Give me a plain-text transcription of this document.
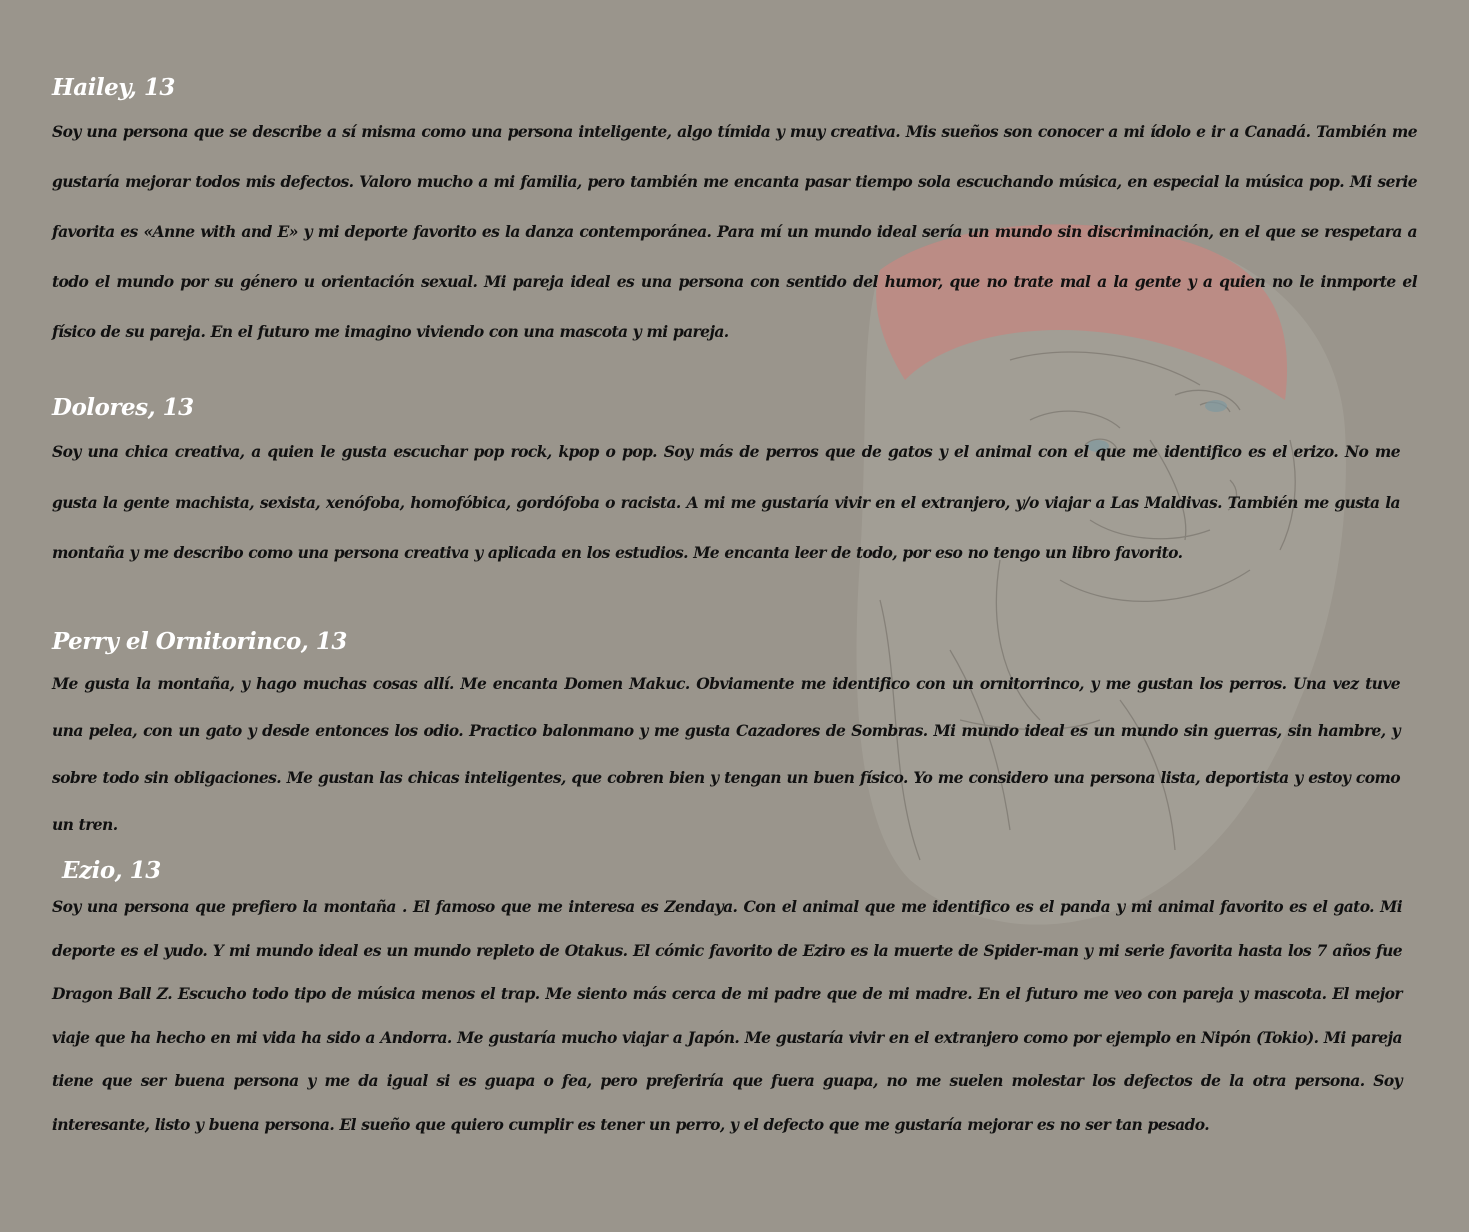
Hailey, 13

Soy una persona que se describe a sí misma como una persona inteligente, algo tímida y muy creativa. Mis sueños son conocer a mi ídolo e ir a Canadá. También me gustaría mejorar todos mis defectos. Valoro mucho a mi familia, pero también me encanta pasar tiempo sola escuchando música, en especial la música pop. Mi serie favorita es «Anne with and E» y mi deporte favorito es la danza contemporánea. Para mí un mundo ideal sería un mundo sin discriminación, en el que se respetara a todo el mundo por su género u orientación sexual. Mi pareja ideal es una persona con sentido del humor, que no trate mal a la gente y a quien no le inmporte el físico de su pareja. En el futuro me imagino viviendo con una mascota y mi pareja.

Dolores, 13

Soy una chica creativa, a quien le gusta escuchar pop rock, kpop o pop. Soy más de perros que de gatos y el animal con el que me identifico es el erizo. No me gusta la gente machista, sexista, xenófoba, homofóbica, gordófoba o racista. A mi me gustaría vivir en el extranjero, y/o viajar a Las Maldivas. También me gusta la montaña y me describo como una persona creativa y aplicada en los estudios. Me encanta leer de todo, por eso no tengo un libro favorito.

Perry el Ornitorinco, 13

Me gusta la montaña, y hago muchas cosas allí. Me encanta Domen Makuc. Obviamente me identifico con un ornitorrinco, y me gustan los perros. Una vez tuve una pelea, con un gato y desde entonces los odio. Practico balonmano y me gusta Cazadores de Sombras. Mi mundo ideal es un mundo sin guerras, sin hambre, y sobre todo sin obligaciones. Me gustan las chicas inteligentes, que cobren bien y tengan un buen físico. Yo me considero una persona lista, deportista y estoy como un tren.

Ezio, 13

Soy una persona que prefiero la montaña . El famoso que me interesa es Zendaya. Con el animal que me identifico es el panda y mi animal favorito es el gato. Mi deporte es el yudo. Y mi mundo ideal es un mundo repleto de Otakus. El cómic favorito de Eziro es la muerte de Spider-man y mi serie favorita hasta los 7 años fue Dragon Ball Z. Escucho todo tipo de música menos el trap. Me siento más cerca de mi padre que de mi madre. En el futuro me veo con pareja y mascota. El mejor viaje que ha hecho en mi vida ha sido a Andorra. Me gustaría mucho viajar a Japón. Me gustaría vivir en el extranjero como por ejemplo en Nipón (Tokio). Mi pareja tiene que ser buena persona y me da igual si es guapa o fea, pero preferiría que fuera guapa, no me suelen molestar los defectos de la otra persona. Soy interesante, listo y buena persona. El sueño que quiero cumplir es tener un perro, y el defecto que me gustaría mejorar es no ser tan pesado.
